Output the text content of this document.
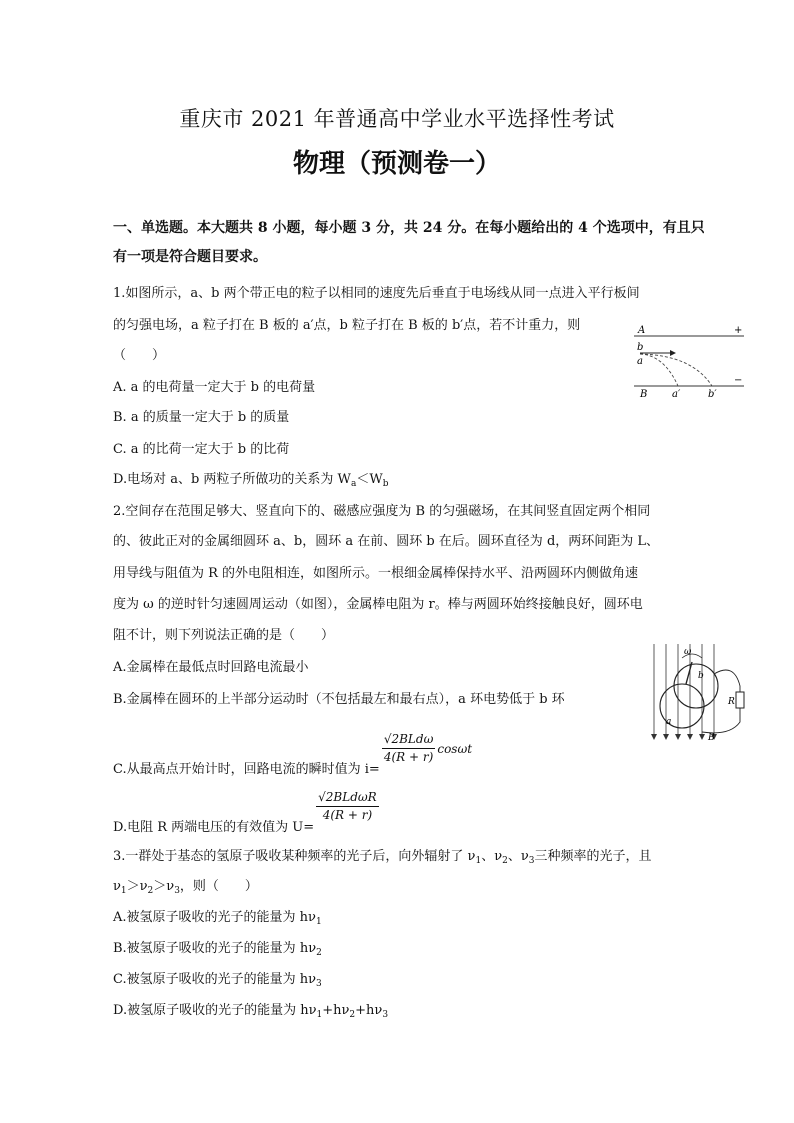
重庆市 2021 年普通高中学业水平选择性考试
物理（预测卷一）
一、单选题。本大题共 8 小题，每小题 3 分，共 24 分。在每小题给出的 4 个选项中，有且只
有一项是符合题目要求。
1.如图所示，a、b 两个带正电的粒子以相同的速度先后垂直于电场线从同一点进入平行板间
的匀强电场，a 粒子打在 B 板的 a′点，b 粒子打在 B 板的 b′点，若不计重力，则
（　　）
A. a 的电荷量一定大于 b 的电荷量
B. a 的质量一定大于 b 的质量
C. a 的比荷一定大于 b 的比荷
D.电场对 a、b 两粒子所做功的关系为 $W_a<W_b$
A	+
b
a
−
B a′	b′
2.空间存在范围足够大、竖直向下的、磁感应强度为 B 的匀强磁场，在其间竖直固定两个相同
的、彼此正对的金属细圆环 a、b，圆环 a 在前、圆环 b 在后。圆环直径为 d，两环间距为 L、
用导线与阻值为 R 的外电阻相连，如图所示。一根细金属棒保持水平、沿两圆环内侧做角速
度为 ω 的逆时针匀速圆周运动（如图），金属棒电阻为 r。棒与两圆环始终接触良好，圆环电
阻不计，则下列说法正确的是（　　）
A.金属棒在最低点时回路电流最小
B.金属棒在圆环的上半部分运动时（不包括最左和最右点），a 环电势低于 b 环
C.从最高点开始计时，回路电流的瞬时值为 i=
$\frac{\text{√2BLdω}}{4(R + r)}$ cosωt
D.电阻 R 两端电压的有效值为 U=
$\frac{\text{√2BLdωR}}{4(R + r)}$
ω
b
a
R
B
3.一群处于基态的氢原子吸收某种频率的光子后，向外辐射了 $\nu_1$、$\nu_2$、$\nu_3$三种频率的光子，且
$\nu_1>\nu_2>\nu_3$，则（　　）
A.被氢原子吸收的光子的能量为 $h\nu_1$
B.被氢原子吸收的光子的能量为 $h\nu_2$
C.被氢原子吸收的光子的能量为 $h\nu_3$
D.被氢原子吸收的光子的能量为 $h\nu_1+h\nu_2+h\nu_3$
